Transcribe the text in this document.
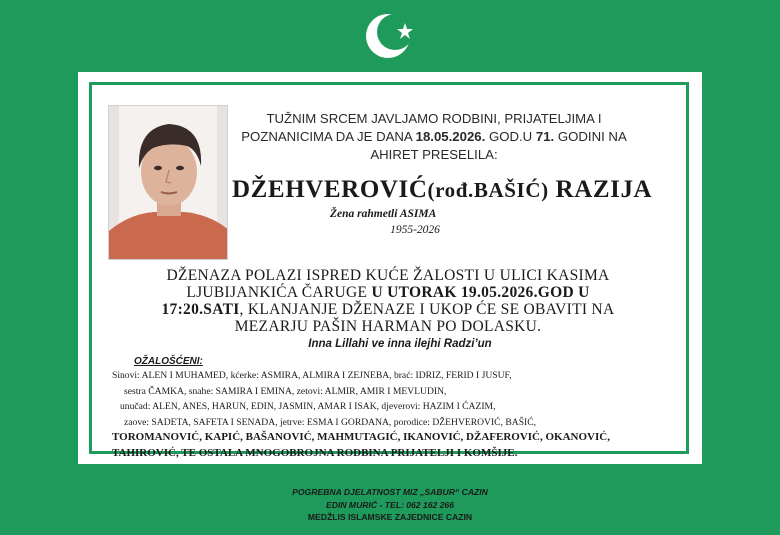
TUŽNIM SRCEM JAVLJAMO RODBINI, PRIJATELJIMA I
POZNANICIMA DA JE DANA 18.05.2026. GOD.U 71. GODINI NA
AHIRET PRESELILA:
DŽEHVEROVIĆ(rođ.BAŠIĆ) RAZIJA
Žena rahmetli ASIMA
1955-2026
DŽENAZA POLAZI ISPRED KUĆE ŽALOSTI U ULICI KASIMA
LJUBIJANKIĆA ČARUGE U UTORAK 19.05.2026.GOD U
17:20.SATI, KLANJANJE DŽENAZE I UKOP ĆE SE OBAVITI NA
MEZARJU PAŠIN HARMAN PO DOLASKU.
Inna Lillahi ve inna ilejhi Radzi’un
OŽALOŠĆENI:
Sinovi: ALEN I MUHAMED, kćerke: ASMIRA, ALMIRA I ZEJNEBA, brać: IDRIZ, FERID I JUSUF,
sestra ČAMKA, snahe: SAMIRA I EMINA, zetovi: ALMIR, AMIR I MEVLUDIN,
unučad: ALEN, ANES, HARUN, EDIN, JASMIN, AMAR I ISAK, djeverovi: HAZIM I ĆAZIM,
zaove: SADETA, SAFETA I SENADA, jetrve: ESMA I GORDANA, porodice: DŽEHVEROVIĆ, BAŠIĆ,
TOROMANOVIĆ, KAPIĆ, BAŠANOVIĆ, MAHMUTAGIĆ, IKANOVIĆ, DŽAFEROVIĆ, OKANOVIĆ,
TAHIROVIĆ, TE OSTALA MNOGOBROJNA RODBINA PRIJATELJI I KOMŠIJE.
POGREBNA DJELATNOST MIZ „SABUR“ CAZIN
EDIN MURIĆ - TEL: 062 162 266
MEDŽLIS ISLAMSKE ZAJEDNICE CAZIN
